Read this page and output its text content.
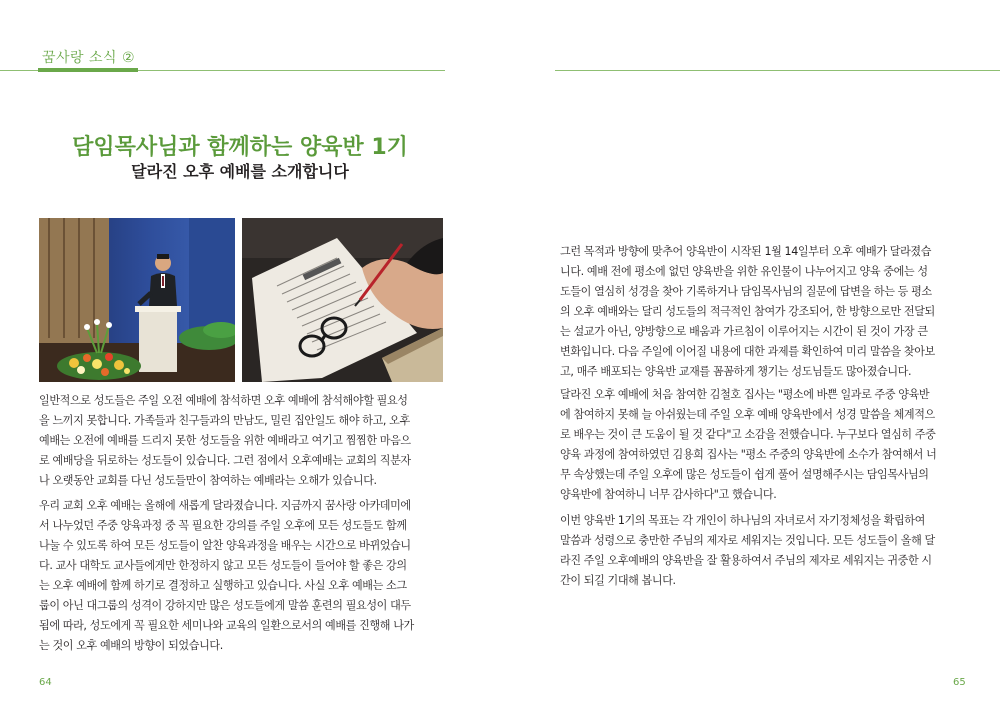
꿈사랑 소식 ②
담임목사님과 함께하는 양육반 1기
달라진 오후 예배를 소개합니다
일반적으로 성도들은 주일 오전 예배에 참석하면 오후 예배에 참석해야할 필요성
을 느끼지 못합니다. 가족들과 친구들과의 만남도, 밀린 집안일도 해야 하고, 오후
예배는 오전에 예배를 드리지 못한 성도들을 위한 예배라고 여기고 찜찜한 마음으
로 예배당을 뒤로하는 성도들이 있습니다. 그런 점에서 오후예배는 교회의 직분자
나 오랫동안 교회를 다닌 성도들만이 참여하는 예배라는 오해가 있습니다.
우리 교회 오후 예배는 올해에 새롭게 달라졌습니다. 지금까지 꿈사랑 아카데미에
서 나누었던 주중 양육과정 중 꼭 필요한 강의를 주일 오후에 모든 성도들도 함께
나눌 수 있도록 하여 모든 성도들이 알찬 양육과정을 배우는 시간으로 바뀌었습니
다. 교사 대학도 교사들에게만 한정하지 않고 모든 성도들이 들어야 할 좋은 강의
는 오후 예배에 함께 하기로 결정하고 실행하고 있습니다. 사실 오후 예배는 소그
룹이 아닌 대그룹의 성격이 강하지만 많은 성도들에게 말씀 훈련의 필요성이 대두
됨에 따라, 성도에게 꼭 필요한 세미나와 교육의 일환으로서의 예배를 진행해 나가
는 것이 오후 예배의 방향이 되었습니다.
그런 목적과 방향에 맞추어 양육반이 시작된 1월 14일부터 오후 예배가 달라졌습
니다. 예배 전에 평소에 없던 양육반을 위한 유인물이 나누어지고 양육 중에는 성
도들이 열심히 성경을 찾아 기록하거나 담임목사님의 질문에 답변을 하는 등 평소
의 오후 예배와는 달리 성도들의 적극적인 참여가 강조되어, 한 방향으로만 전달되
는 설교가 아닌, 양방향으로 배움과 가르침이 이루어지는 시간이 된 것이 가장 큰
변화입니다. 다음 주일에 이어질 내용에 대한 과제를 확인하여 미리 말씀을 찾아보
고, 매주 배포되는 양육반 교재를 꼼꼼하게 챙기는 성도님들도 많아졌습니다.
달라진 오후 예배에 처음 참여한 김철호 집사는 "평소에 바쁜 일과로 주중 양육반
에 참여하지 못해 늘 아쉬웠는데 주일 오후 예배 양육반에서 성경 말씀을 체계적으
로 배우는 것이 큰 도움이 될 것 같다"고 소감을 전했습니다. 누구보다 열심히 주중
양육 과정에 참여하였던 김용희 집사는 "평소 주중의 양육반에 소수가 참여해서 너
무 속상했는데 주일 오후에 많은 성도들이 쉽게 풀어 설명해주시는 담임목사님의
양육반에 참여하니 너무 감사하다"고 했습니다.
이번 양육반 1기의 목표는 각 개인이 하나님의 자녀로서 자기정체성을 확립하여
말씀과 성령으로 충만한 주님의 제자로 세워지는 것입니다. 모든 성도들이 올해 달
라진 주일 오후예배의 양육반을 잘 활용하여서 주님의 제자로 세워지는 귀중한 시
간이 되길 기대해 봅니다.
64	65
